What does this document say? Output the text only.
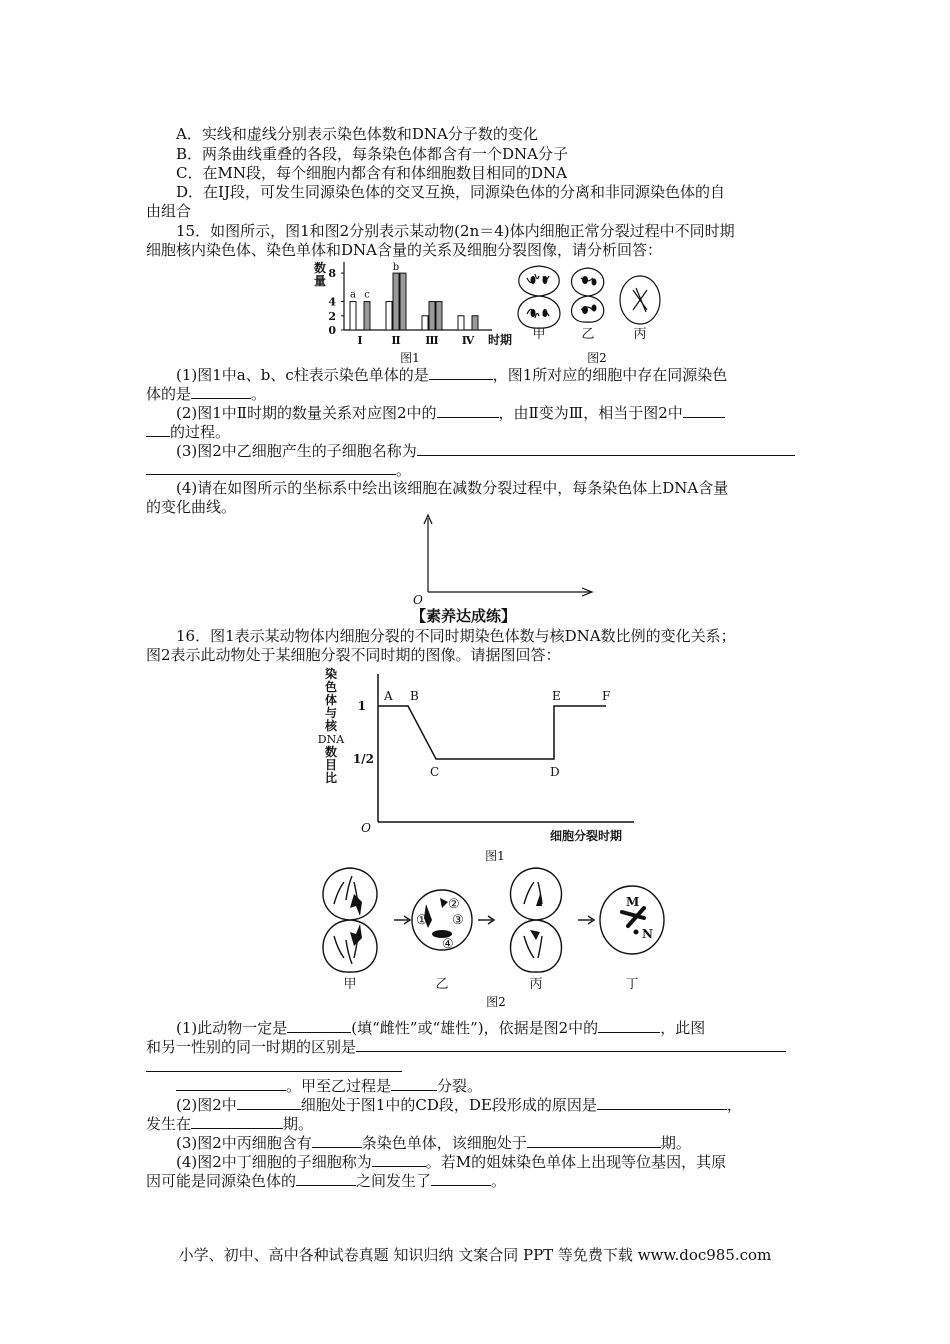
A．实线和虚线分别表示染色体数和DNA分子数的变化
B．两条曲线重叠的各段，每条染色体都含有一个DNA分子
C．在MN段，每个细胞内都含有和体细胞数目相同的DNA
D．在IJ段，可发生同源染色体的交叉互换，同源染色体的分离和非同源染色体的自
由组合
15．如图所示，图1和图2分别表示某动物(2n＝4)体内细胞正常分裂过程中不同时期
细胞核内染色体、染色单体和DNA含量的关系及细胞分裂图像，请分析回答：
数
量
0
2
4
8
a c
Ⅰ
b
Ⅱ Ⅲ Ⅳ 时期
图1
甲	乙	丙
图2
(1)图1中a、b、c柱表示染色单体的是	，图1所对应的细胞中存在同源染色
体的是	。
(2)图1中Ⅱ时期的数量关系对应图2中的	，由Ⅱ变为Ⅲ，相当于图2中
的过程。
(3)图2中乙细胞产生的子细胞名称为
。
(4)请在如图所示的坐标系中绘出该细胞在减数分裂过程中，每条染色体上DNA含量
的变化曲线。
O
【素养达成练】
16．图1表示某动物体内细胞分裂的不同时期染色体数与核DNA数比例的变化关系；
图2表示此动物处于某细胞分裂不同时期的图像。请据图回答：
染
色
体
与
核
DNA
数
目
比
1
1/2
O
A B
C	D
E	F
细胞分裂时期
图1
①
②
③
④
M
N
甲	乙	丙	丁
图2
(1)此动物一定是	(填“雌性”或“雄性”)，依据是图2中的	，此图
和另一性别的同一时期的区别是
。甲至乙过程是	分裂。
(2)图2中	细胞处于图1中的CD段，DE段形成的原因是	，
发生在	期。
(3)图2中丙细胞含有	条染色单体，该细胞处于	期。
(4)图2中丁细胞的子细胞称为	。若M的姐妹染色单体上出现等位基因，其原
因可能是同源染色体的	之间发生了	。
小学、初中、高中各种试卷真题 知识归纳 文案合同 PPT 等免费下载 www.doc985.com
